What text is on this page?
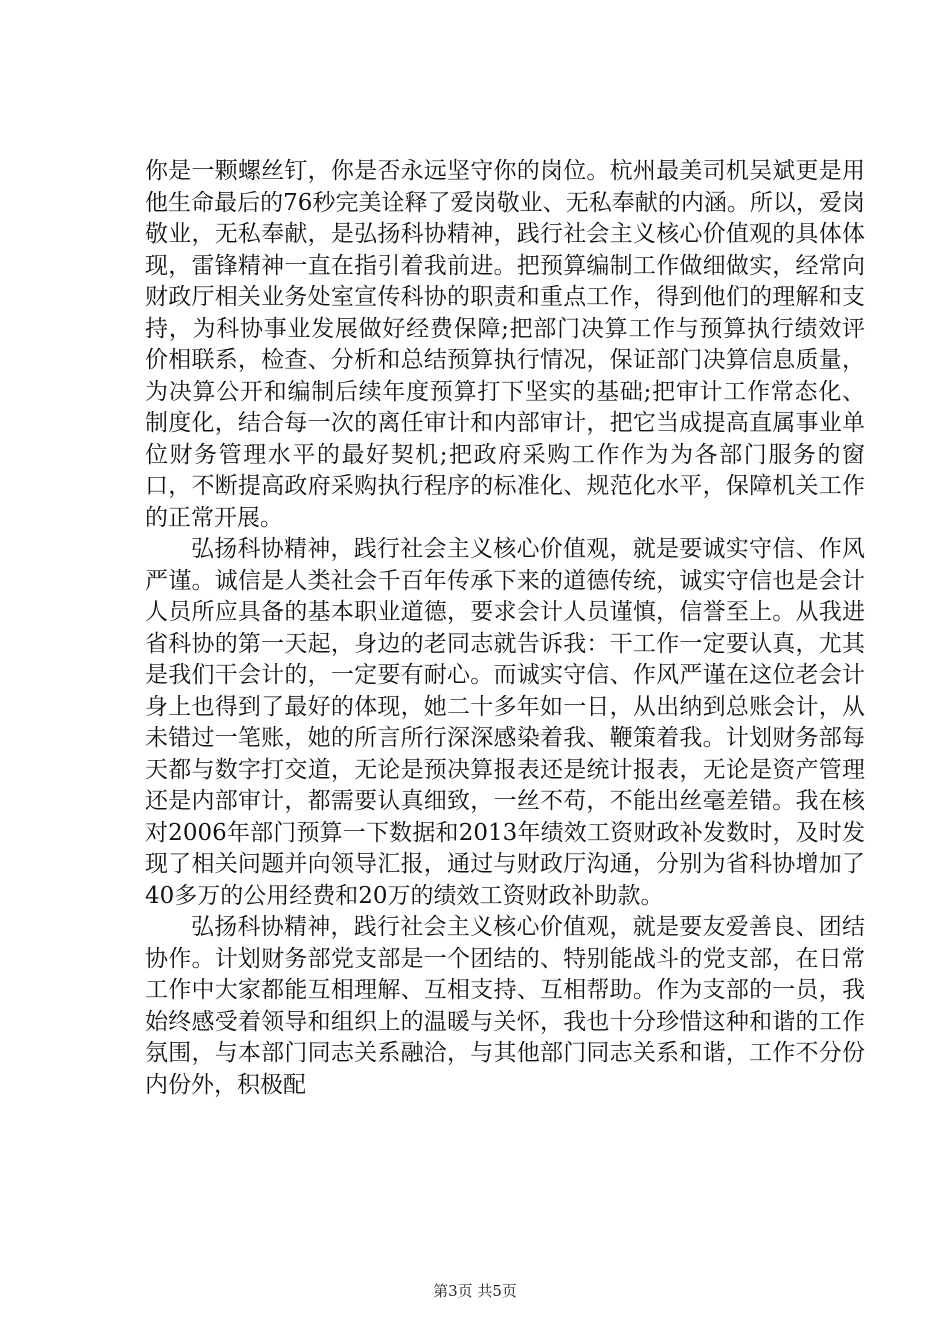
你是一颗螺丝钉，你是否永远坚守你的岗位。杭州最美司机吴斌更是用他生命最后的76秒完美诠释了爱岗敬业、无私奉献的内涵。所以，爱岗敬业，无私奉献，是弘扬科协精神，践行社会主义核心价值观的具体体现，雷锋精神一直在指引着我前进。把预算编制工作做细做实，经常向财政厅相关业务处室宣传科协的职责和重点工作，得到他们的理解和支持，为科协事业发展做好经费保障;把部门决算工作与预算执行绩效评价相联系，检查、分析和总结预算执行情况，保证部门决算信息质量，为决算公开和编制后续年度预算打下坚实的基础;把审计工作常态化、制度化，结合每一次的离任审计和内部审计，把它当成提高直属事业单位财务管理水平的最好契机;把政府采购工作作为为各部门服务的窗口，不断提高政府采购执行程序的标准化、规范化水平，保障机关工作的正常开展。

弘扬科协精神，践行社会主义核心价值观，就是要诚实守信、作风严谨。诚信是人类社会千百年传承下来的道德传统，诚实守信也是会计人员所应具备的基本职业道德，要求会计人员谨慎，信誉至上。从我进省科协的第一天起，身边的老同志就告诉我：干工作一定要认真，尤其是我们干会计的，一定要有耐心。而诚实守信、作风严谨在这位老会计身上也得到了最好的体现，她二十多年如一日，从出纳到总账会计，从未错过一笔账，她的所言所行深深感染着我、鞭策着我。计划财务部每天都与数字打交道，无论是预决算报表还是统计报表，无论是资产管理还是内部审计，都需要认真细致，一丝不苟，不能出丝毫差错。我在核对2006年部门预算一下数据和2013年绩效工资财政补发数时，及时发现了相关问题并向领导汇报，通过与财政厅沟通，分别为省科协增加了40多万的公用经费和20万的绩效工资财政补助款。

弘扬科协精神，践行社会主义核心价值观，就是要友爱善良、团结协作。计划财务部党支部是一个团结的、特别能战斗的党支部，在日常工作中大家都能互相理解、互相支持、互相帮助。作为支部的一员，我始终感受着领导和组织上的温暖与关怀，我也十分珍惜这种和谐的工作氛围，与本部门同志关系融洽，与其他部门同志关系和谐，工作不分份内份外，积极配

第3页 共5页
